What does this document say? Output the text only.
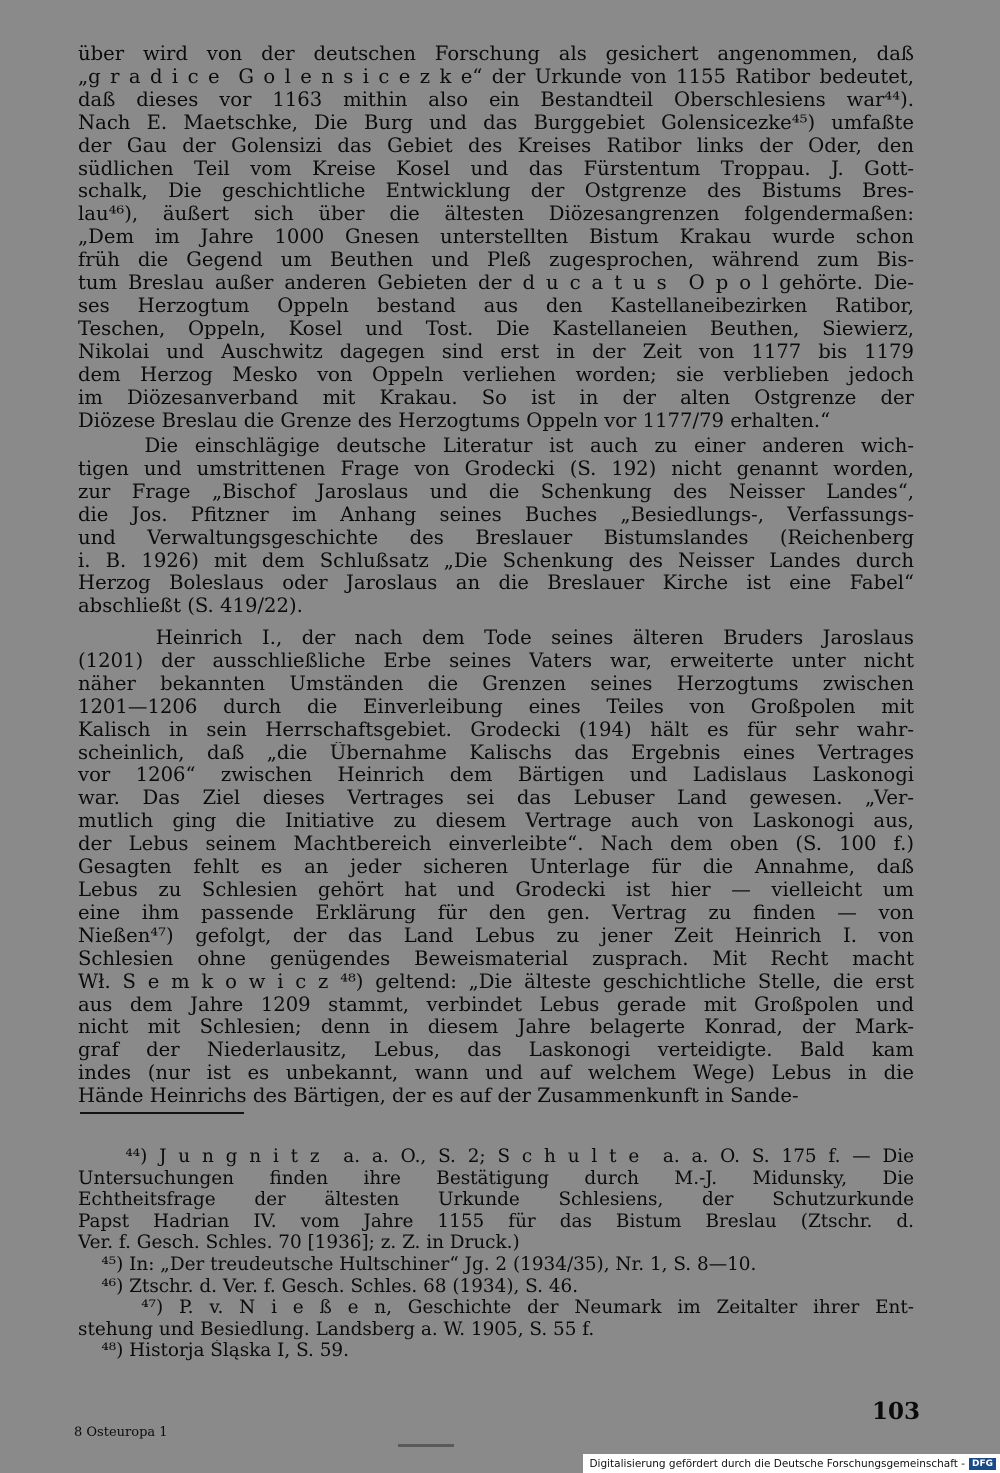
über wird von der deutschen Forschung als gesichert angenommen, daß

„g r a d i c e  G o l e n s i c e z k e“ der Urkunde von 1155 Ratibor bedeutet,

daß dieses vor 1163 mithin also ein Bestandteil Oberschlesiens war⁴⁴).

Nach E. Maetschke, Die Burg und das Burggebiet Golensicezke⁴⁵) umfaßte

der Gau der Golensizi das Gebiet des Kreises Ratibor links der Oder, den

südlichen Teil vom Kreise Kosel und das Fürstentum Troppau. J. Gott-

schalk, Die geschichtliche Entwicklung der Ostgrenze des Bistums Bres-

lau⁴⁶), äußert sich über die ältesten Diözesangrenzen folgendermaßen:

„Dem im Jahre 1000 Gnesen unterstellten Bistum Krakau wurde schon

früh die Gegend um Beuthen und Pleß zugesprochen, während zum Bis-

tum Breslau außer anderen Gebieten der d u c a t u s  O p o l gehörte. Die-

ses Herzogtum Oppeln bestand aus den Kastellaneibezirken Ratibor,

Teschen, Oppeln, Kosel und Tost. Die Kastellaneien Beuthen, Siewierz,

Nikolai und Auschwitz dagegen sind erst in der Zeit von 1177 bis 1179

dem Herzog Mesko von Oppeln verliehen worden; sie verblieben jedoch

im Diözesanverband mit Krakau. So ist in der alten Ostgrenze der

Diözese Breslau die Grenze des Herzogtums Oppeln vor 1177/79 erhalten.“

Die einschlägige deutsche Literatur ist auch zu einer anderen wich-

tigen und umstrittenen Frage von Grodecki (S. 192) nicht genannt worden,

zur Frage „Bischof Jaroslaus und die Schenkung des Neisser Landes“,

die Jos. Pfitzner im Anhang seines Buches „Besiedlungs-, Verfassungs-

und Verwaltungsgeschichte des Breslauer Bistumslandes (Reichenberg

i. B. 1926) mit dem Schlußsatz „Die Schenkung des Neisser Landes durch

Herzog Boleslaus oder Jaroslaus an die Breslauer Kirche ist eine Fabel“

abschließt (S. 419/22).

Heinrich I., der nach dem Tode seines älteren Bruders Jaroslaus

(1201) der ausschließliche Erbe seines Vaters war, erweiterte unter nicht

näher bekannten Umständen die Grenzen seines Herzogtums zwischen

1201—1206 durch die Einverleibung eines Teiles von Großpolen mit

Kalisch in sein Herrschaftsgebiet. Grodecki (194) hält es für sehr wahr-

scheinlich, daß „die Übernahme Kalischs das Ergebnis eines Vertrages

vor 1206“ zwischen Heinrich dem Bärtigen und Ladislaus Laskonogi

war. Das Ziel dieses Vertrages sei das Lebuser Land gewesen. „Ver-

mutlich ging die Initiative zu diesem Vertrage auch von Laskonogi aus,

der Lebus seinem Machtbereich einverleibte“. Nach dem oben (S. 100 f.)

Gesagten fehlt es an jeder sicheren Unterlage für die Annahme, daß

Lebus zu Schlesien gehört hat und Grodecki ist hier — vielleicht um

eine ihm passende Erklärung für den gen. Vertrag zu finden — von

Nießen⁴⁷) gefolgt, der das Land Lebus zu jener Zeit Heinrich I. von

Schlesien ohne genügendes Beweismaterial zusprach. Mit Recht macht

Wł. S e m k o w i c z ⁴⁸) geltend: „Die älteste geschichtliche Stelle, die erst

aus dem Jahre 1209 stammt, verbindet Lebus gerade mit Großpolen und

nicht mit Schlesien; denn in diesem Jahre belagerte Konrad, der Mark-

graf der Niederlausitz, Lebus, das Laskonogi verteidigte. Bald kam

indes (nur ist es unbekannt, wann und auf welchem Wege) Lebus in die

Hände Heinrichs des Bärtigen, der es auf der Zusammenkunft in Sande-

⁴⁴) J u n g n i t z  a. a. O., S. 2; S c h u l t e  a. a. O. S. 175 f. — Die

Untersuchungen finden ihre Bestätigung durch M.-J. Midunsky, Die

Echtheitsfrage der ältesten Urkunde Schlesiens, der Schutzurkunde

Papst Hadrian IV. vom Jahre 1155 für das Bistum Breslau (Ztschr. d.

Ver. f. Gesch. Schles. 70 [1936]; z. Z. in Druck.)

⁴⁵) In: „Der treudeutsche Hultschiner“ Jg. 2 (1934/35), Nr. 1, S. 8—10.

⁴⁶) Ztschr. d. Ver. f. Gesch. Schles. 68 (1934), S. 46.

⁴⁷) P. v. N i e ß e n, Geschichte der Neumark im Zeitalter ihrer Ent-

stehung und Besiedlung. Landsberg a. W. 1905, S. 55 f.

⁴⁸) Historja Śląska I, S. 59.

103
8 Osteuropa 1
Digitalisierung gefördert durch die Deutsche Forschungsgemeinschaft - DFG
